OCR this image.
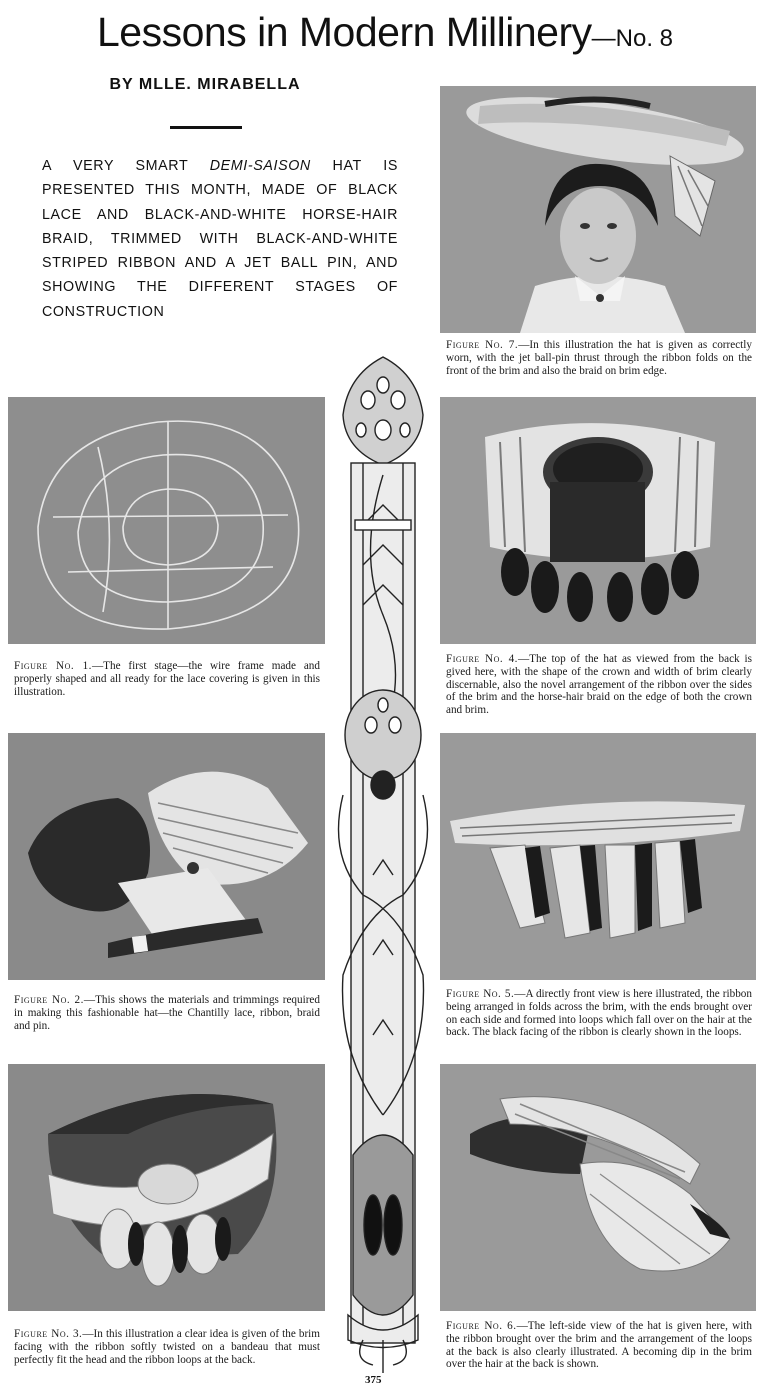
Lessons in Modern Millinery—No. 8
BY MLLE. MIRABELLA
A VERY SMART DEMI-SAISON HAT IS PRESENTED THIS MONTH, MADE OF BLACK LACE AND BLACK-AND-WHITE HORSE-HAIR BRAID, TRIMMED WITH BLACK-AND-WHITE STRIPED RIBBON AND A JET BALL PIN, AND SHOWING THE DIFFERENT STAGES OF CONSTRUCTION
Figure No. 7.—In this illustration the hat is given as correctly worn, with the jet ball-pin thrust through the ribbon folds on the front of the brim and also the braid on brim edge.
Figure No. 1.—The first stage—the wire frame made and properly shaped and all ready for the lace covering is given in this illustration.
Figure No. 4.—The top of the hat as viewed from the back is gived here, with the shape of the crown and width of brim clearly discernable, also the novel arrangement of the ribbon over the sides of the brim and the horse-hair braid on the edge of both the crown and brim.
Figure No. 2.—This shows the materials and trimmings required in making this fashionable hat—the Chantilly lace, ribbon, braid and pin.
Figure No. 5.—A directly front view is here illustrated, the ribbon being arranged in folds across the brim, with the ends brought over on each side and formed into loops which fall over on the hair at the back. The black facing of the ribbon is clearly shown in the loops.
Figure No. 3.—In this illustration a clear idea is given of the brim facing with the ribbon softly twisted on a bandeau that must perfectly fit the head and the ribbon loops at the back.
Figure No. 6.—The left-side view of the hat is given here, with the ribbon brought over the brim and the arrangement of the loops at the back is also clearly illustrated. A becoming dip in the brim over the hair at the back is shown.
375
